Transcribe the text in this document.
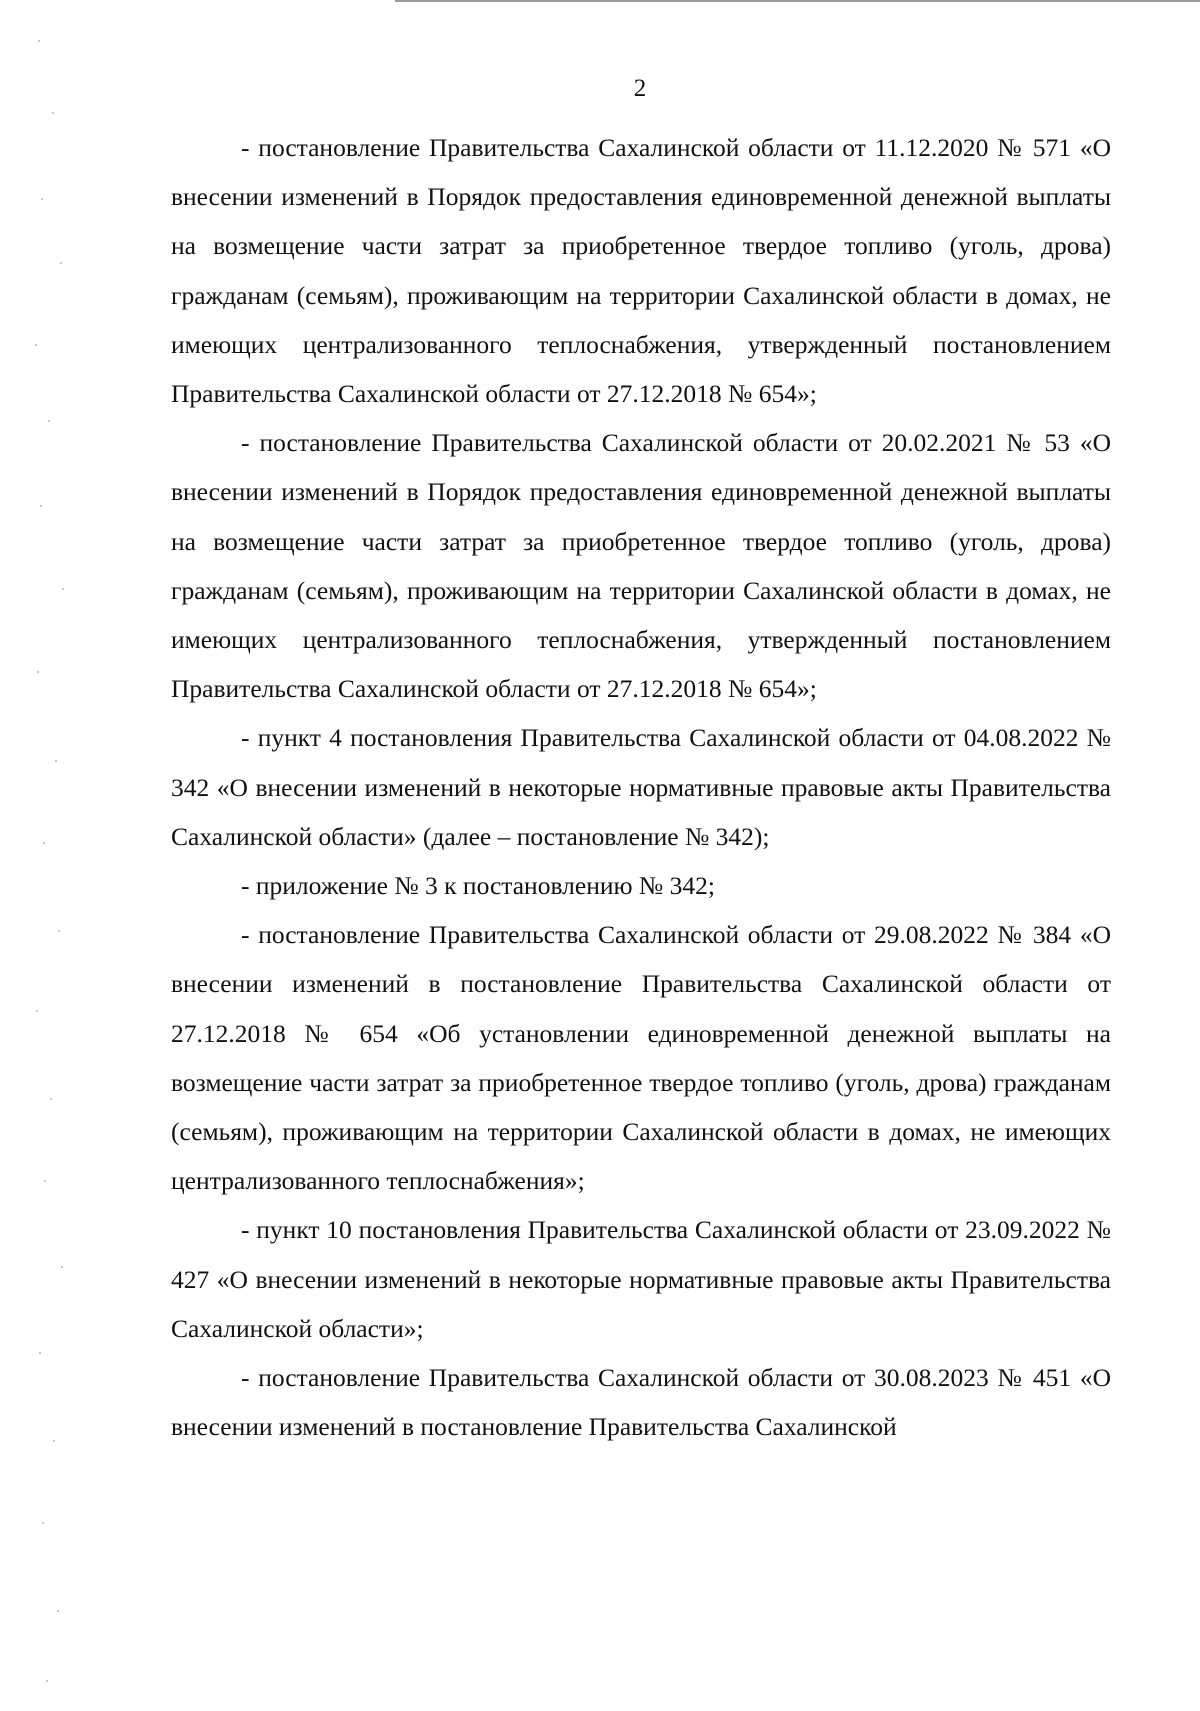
2

- постановление Правительства Сахалинской области от 11.12.2020 № 571 «О внесении изменений в Порядок предоставления единовременной денежной выплаты на возмещение части затрат за приобретенное твердое топливо (уголь, дрова) гражданам (семьям), проживающим на территории Сахалинской области в домах, не имеющих централизованного теплоснабжения, утвержденный постановлением Правительства Сахалинской области от 27.12.2018 № 654»;

- постановление Правительства Сахалинской области от 20.02.2021 № 53 «О внесении изменений в Порядок предоставления единовременной денежной выплаты на возмещение части затрат за приобретенное твердое топливо (уголь, дрова) гражданам (семьям), проживающим на территории Сахалинской области в домах, не имеющих централизованного теплоснабжения, утвержденный постановлением Правительства Сахалинской области от 27.12.2018 № 654»;

- пункт 4 постановления Правительства Сахалинской области от 04.08.2022 № 342 «О внесении изменений в некоторые нормативные правовые акты Правительства Сахалинской области» (далее – постановление № 342);

- приложение № 3 к постановлению № 342;

- постановление Правительства Сахалинской области от 29.08.2022 № 384 «О внесении изменений в постановление Правительства Сахалинской области от 27.12.2018 № 654 «Об установлении единовременной денежной выплаты на возмещение части затрат за приобретенное твердое топливо (уголь, дрова) гражданам (семьям), проживающим на территории Сахалинской области в домах, не имеющих централизованного теплоснабжения»;

- пункт 10 постановления Правительства Сахалинской области от 23.09.2022 № 427 «О внесении изменений в некоторые нормативные правовые акты Правительства Сахалинской области»;

- постановление Правительства Сахалинской области от 30.08.2023 № 451 «О внесении изменений в постановление Правительства Сахалинской
